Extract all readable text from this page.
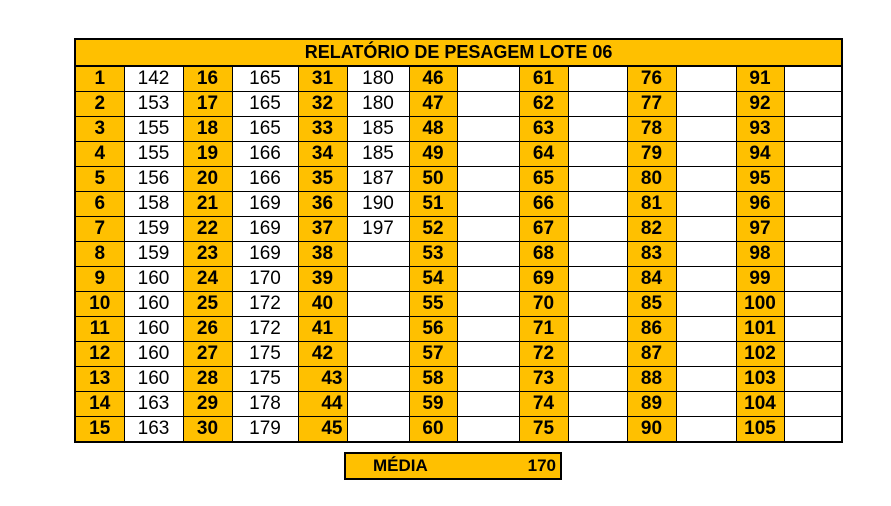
RELATÓRIO DE PESAGEM LOTE 06													
1	142	16	165	31	180	46		61		76		91	
2	153	17	165	32	180	47		62		77		92	
3	155	18	165	33	185	48		63		78		93	
4	155	19	166	34	185	49		64		79		94	
5	156	20	166	35	187	50		65		80		95	
6	158	21	169	36	190	51		66		81		96	
7	159	22	169	37	197	52		67		82		97	
8	159	23	169	38		53		68		83		98	
9	160	24	170	39		54		69		84		99	
10	160	25	172	40		55		70		85		100	
11	160	26	172	41		56		71		86		101	
12	160	27	175	42		57		72		87		102	
13	160	28	175	43		58		73		88		103	
14	163	29	178	44		59		74		89		104	
15	163	30	179	45		60		75		90		105	
MÉDIA	170
